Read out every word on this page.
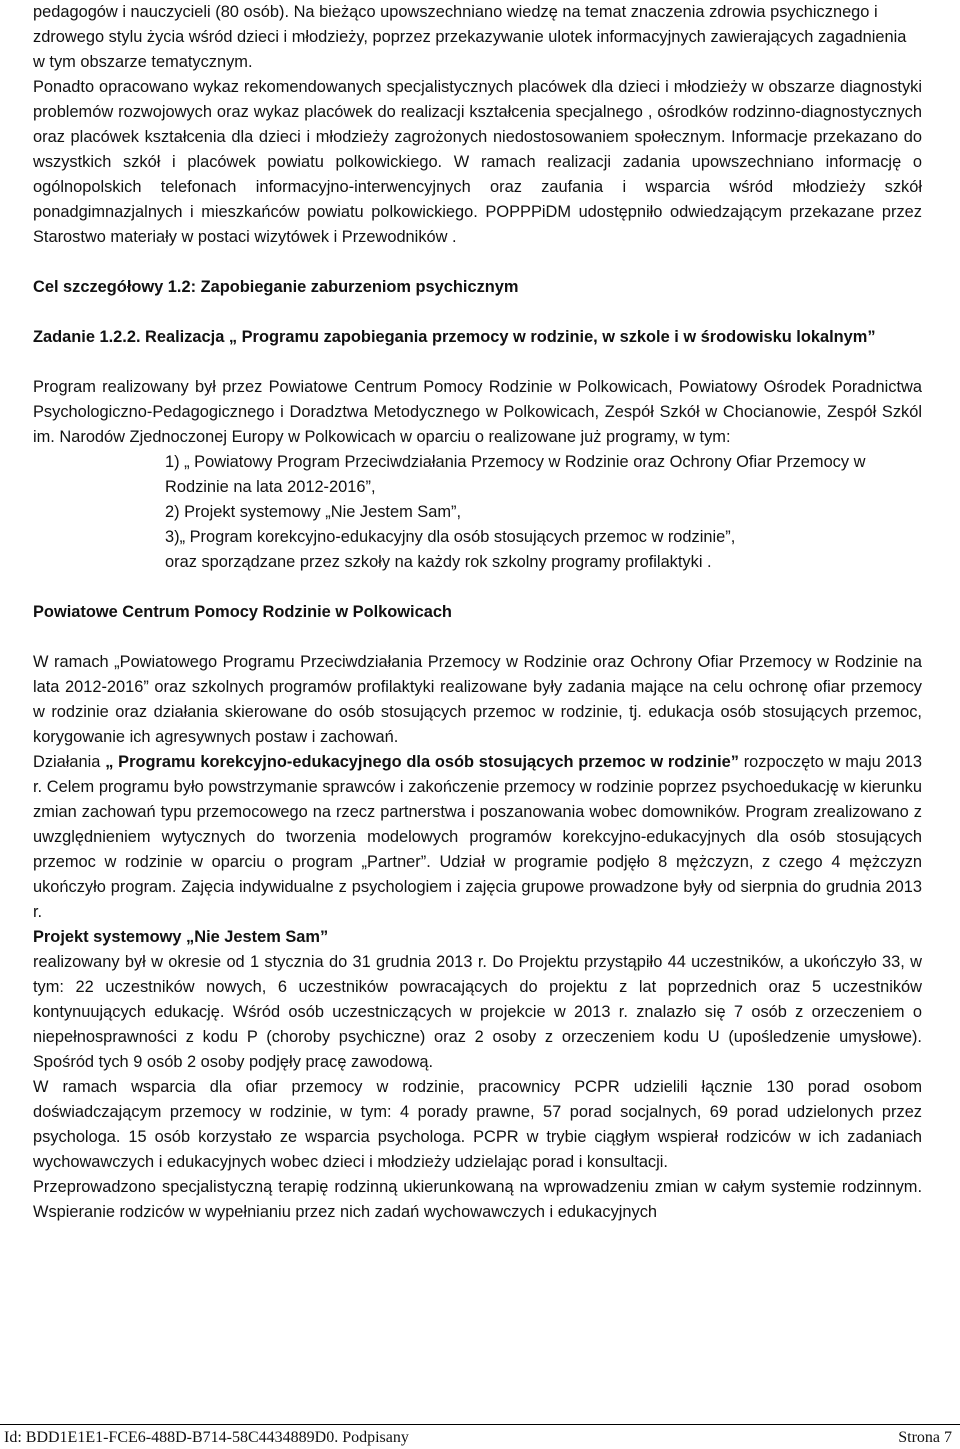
pedagogów i nauczycieli (80 osób). Na bieżąco upowszechniano wiedzę na temat znaczenia zdrowia psychicznego i zdrowego stylu życia wśród dzieci i młodzieży, poprzez przekazywanie ulotek informacyjnych zawierających zagadnienia w tym obszarze tematycznym.

Ponadto opracowano wykaz rekomendowanych specjalistycznych placówek dla dzieci i młodzieży w obszarze diagnostyki problemów rozwojowych oraz wykaz placówek do realizacji kształcenia specjalnego , ośrodków rodzinno-diagnostycznych oraz placówek kształcenia dla dzieci i młodzieży zagrożonych niedostosowaniem społecznym. Informacje przekazano do wszystkich szkół i placówek powiatu polkowickiego. W ramach realizacji zadania upowszechniano informację o ogólnopolskich telefonach informacyjno-interwencyjnych oraz zaufania i wsparcia wśród młodzieży szkół ponadgimnazjalnych i mieszkańców powiatu polkowickiego. POPPPiDM udostępniło odwiedzającym przekazane przez Starostwo materiały w postaci wizytówek i Przewodników .

Cel szczegółowy 1.2: Zapobieganie zaburzeniom psychicznym

Zadanie 1.2.2. Realizacja „ Programu zapobiegania przemocy w rodzinie, w szkole i w środowisku lokalnym”

Program realizowany był przez Powiatowe Centrum Pomocy Rodzinie w Polkowicach, Powiatowy Ośrodek Poradnictwa Psychologiczno-Pedagogicznego i Doradztwa Metodycznego w Polkowicach, Zespół Szkół w Chocianowie, Zespół Szkól im. Narodów Zjednoczonej Europy w Polkowicach w oparciu o realizowane już programy, w tym:

1) „ Powiatowy Program Przeciwdziałania Przemocy w Rodzinie oraz Ochrony Ofiar Przemocy w Rodzinie na lata 2012-2016”,

2) Projekt systemowy „Nie Jestem Sam”,

3)„ Program korekcyjno-edukacyjny dla osób stosujących przemoc w rodzinie”,

oraz sporządzane przez szkoły na każdy rok szkolny programy profilaktyki .

Powiatowe Centrum Pomocy Rodzinie w Polkowicach

W ramach „Powiatowego Programu Przeciwdziałania Przemocy w Rodzinie oraz Ochrony Ofiar Przemocy w Rodzinie na lata 2012-2016” oraz szkolnych programów profilaktyki realizowane były zadania mające na celu ochronę ofiar przemocy w rodzinie oraz działania skierowane do osób stosujących przemoc w rodzinie, tj. edukacja osób stosujących przemoc, korygowanie ich agresywnych postaw i zachowań.

Działania „ Programu korekcyjno-edukacyjnego dla osób stosujących przemoc w rodzinie” rozpoczęto w maju 2013 r. Celem programu było powstrzymanie sprawców i zakończenie przemocy w rodzinie poprzez psychoedukację w kierunku zmian zachowań typu przemocowego na rzecz partnerstwa i poszanowania wobec domowników. Program zrealizowano z uwzględnieniem wytycznych do tworzenia modelowych programów korekcyjno-edukacyjnych dla osób stosujących przemoc w rodzinie w oparciu o program „Partner”. Udział w programie podjęło 8 mężczyzn, z czego 4 mężczyzn ukończyło program. Zajęcia indywidualne z psychologiem i zajęcia grupowe prowadzone były od sierpnia do grudnia 2013 r.

Projekt systemowy „Nie Jestem Sam”

realizowany był w okresie od 1 stycznia do 31 grudnia 2013 r. Do Projektu przystąpiło 44 uczestników, a ukończyło 33, w tym: 22 uczestników nowych, 6 uczestników powracających do projektu z lat poprzednich oraz 5 uczestników kontynuujących edukację. Wśród osób uczestniczących w projekcie w 2013 r. znalazło się 7 osób z orzeczeniem o niepełnosprawności z kodu P (choroby psychiczne) oraz 2 osoby z orzeczeniem kodu U (upośledzenie umysłowe). Spośród tych 9 osób 2 osoby podjęły pracę zawodową.

W ramach wsparcia dla ofiar przemocy w rodzinie, pracownicy PCPR udzielili łącznie 130 porad osobom doświadczającym przemocy w rodzinie, w tym: 4 porady prawne, 57 porad socjalnych, 69 porad udzielonych przez psychologa. 15 osób korzystało ze wsparcia psychologa. PCPR w trybie ciągłym wspierał rodziców w ich zadaniach wychowawczych i edukacyjnych wobec dzieci i młodzieży udzielając porad i konsultacji.

Przeprowadzono specjalistyczną terapię rodzinną ukierunkowaną na wprowadzeniu zmian w całym systemie rodzinnym. Wspieranie rodziców w wypełnianiu przez nich zadań wychowawczych i edukacyjnych

Id: BDD1E1E1-FCE6-488D-B714-58C4434889D0. Podpisany	Strona 7
